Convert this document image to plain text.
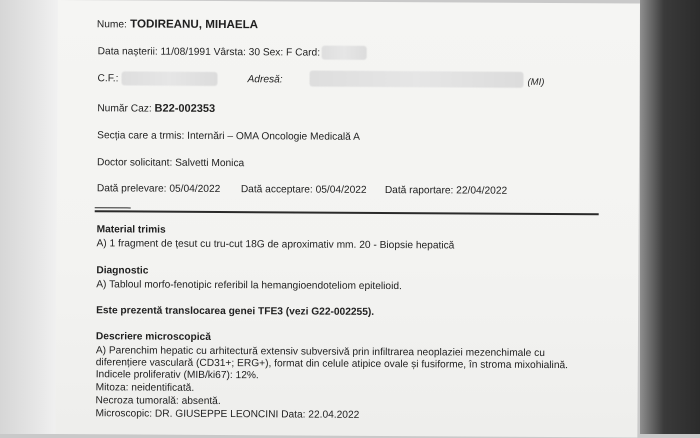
Nume: TODIREANU, MIHAELA
Data nașterii: 11/08/1991 Vârsta: 30 Sex: F Card:
C.F.:	Adresă:	(MI)
Număr Caz: B22-002353
Secția care a trmis: Internări – OMA Oncologie Medicală A
Doctor solicitant: Salvetti Monica
Dată prelevare: 05/04/2022 Dată acceptare: 05/04/2022 Dată raportare: 22/04/2022
Material trimis
A) 1 fragment de țesut cu tru-cut 18G de aproximativ mm. 20 - Biopsie hepatică
Diagnostic
A) Tabloul morfo-fenotipic referibil la hemangioendoteliom epitelioid.
Este prezentă translocarea genei TFE3 (vezi G22-002255).
Descriere microscopică
A) Parenchim hepatic cu arhitectură extensiv subversivă prin infiltrarea neoplaziei mezenchimale cu
diferențiere vasculară (CD31+; ERG+), format din celule atipice ovale și fusiforme, în stroma mixohialină.
Indicele proliferativ (MIB/ki67): 12%.
Mitoza: neidentificată.
Necroza tumorală: absentă.
Microscopic: DR. GIUSEPPE LEONCINI Data: 22.04.2022
